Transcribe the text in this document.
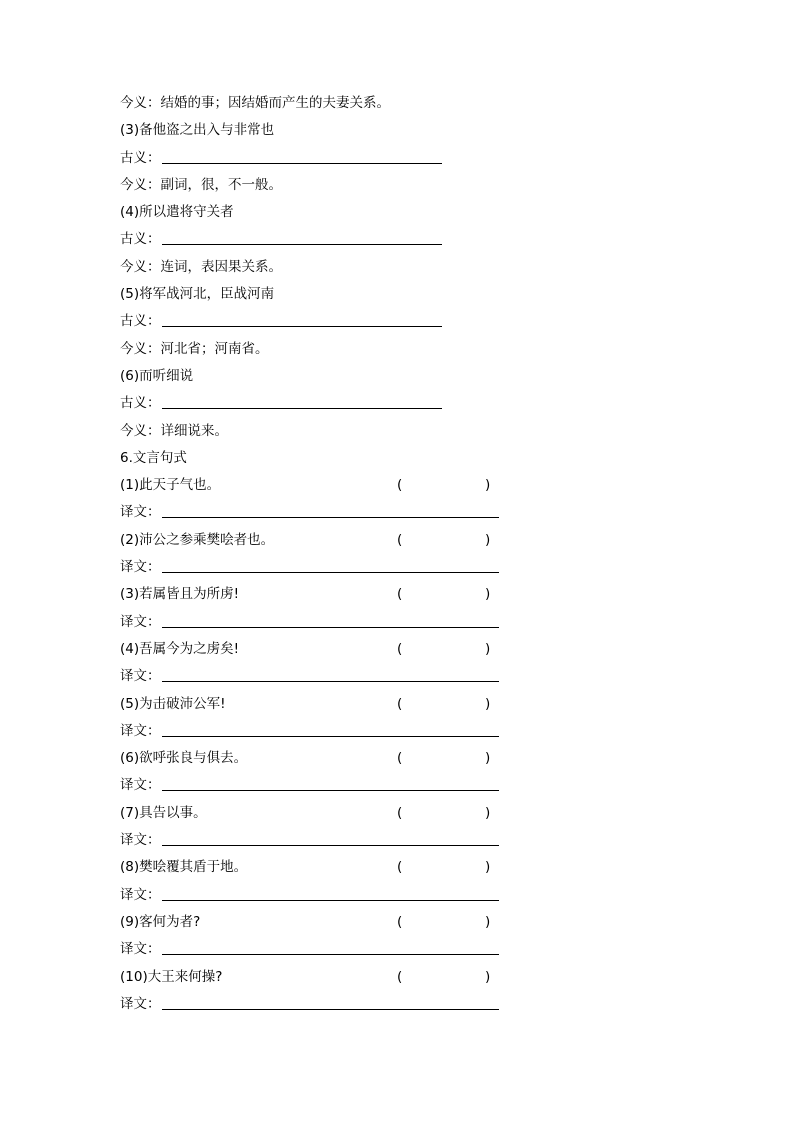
今义：结婚的事；因结婚而产生的夫妻关系。
(3)备他盗之出入与非常也
古义：
今义：副词，很，不一般。
(4)所以遣将守关者
古义：
今义：连词，表因果关系。
(5)将军战河北，臣战河南
古义：
今义：河北省；河南省。
(6)而听细说
古义：
今义：详细说来。
6.文言句式
(1)此天子气也。	(	)
译文：
(2)沛公之参乘樊哙者也。	(	)
译文：
(3)若属皆且为所虏!	(	)
译文：
(4)吾属今为之虏矣!	(	)
译文：
(5)为击破沛公军!	(	)
译文：
(6)欲呼张良与俱去。	(	)
译文：
(7)具告以事。	(	)
译文：
(8)樊哙覆其盾于地。	(	)
译文：
(9)客何为者?	(	)
译文：
(10)大王来何操?	(	)
译文：
